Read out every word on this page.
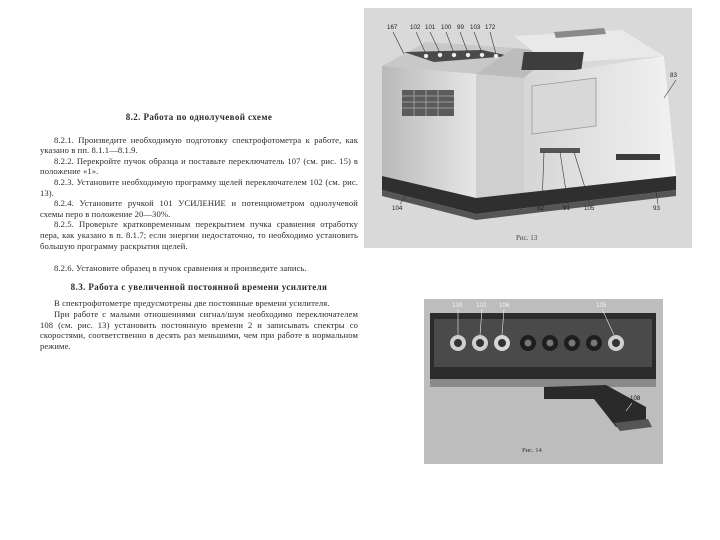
8.2. Работа по однолучевой схеме

8.2.1. Произведите необходимую подготовку спектрофотометра к работе, как указано в пп. 8.1.1—8.1.9.

8.2.2. Перекройте пучок образца и поставьте переключатель 107 (см. рис. 15) в положение «1».

8.2.3. Установите необходимую программу щелей переключателем 102 (см. рис. 13).

8.2.4. Установите ручкой 101 УСИЛЕНИЕ и потенциометром однолучевой схемы перо в положение 20—30%.

8.2.5. Проверьте кратковременным перекрытием пучка сравнения отработку пера, как указано в п. 8.1.7; если энергии недостаточно, то необходимо установить большую программу раскрытия щелей.

8.2.6. Установите образец в пучок сравнения и произведите запись.

8.3. Работа с увеличенной постоянной времени усилителя

В спектрофотометре предусмотрены две постоянные времени усилителя.

При работе с малыми отношениями сигнал/шум необходимо переключателем 108 (см. рис. 13) установить постоянную времени 2 и записывать спектры со скоростями, соответственно в десять раз меньшими, чем при работе в нормальном режиме.

167 102 101 100 99 103 172
83
104	92	91 105	93
Рис. 13
100 102 106	105
108
Рис. 14
